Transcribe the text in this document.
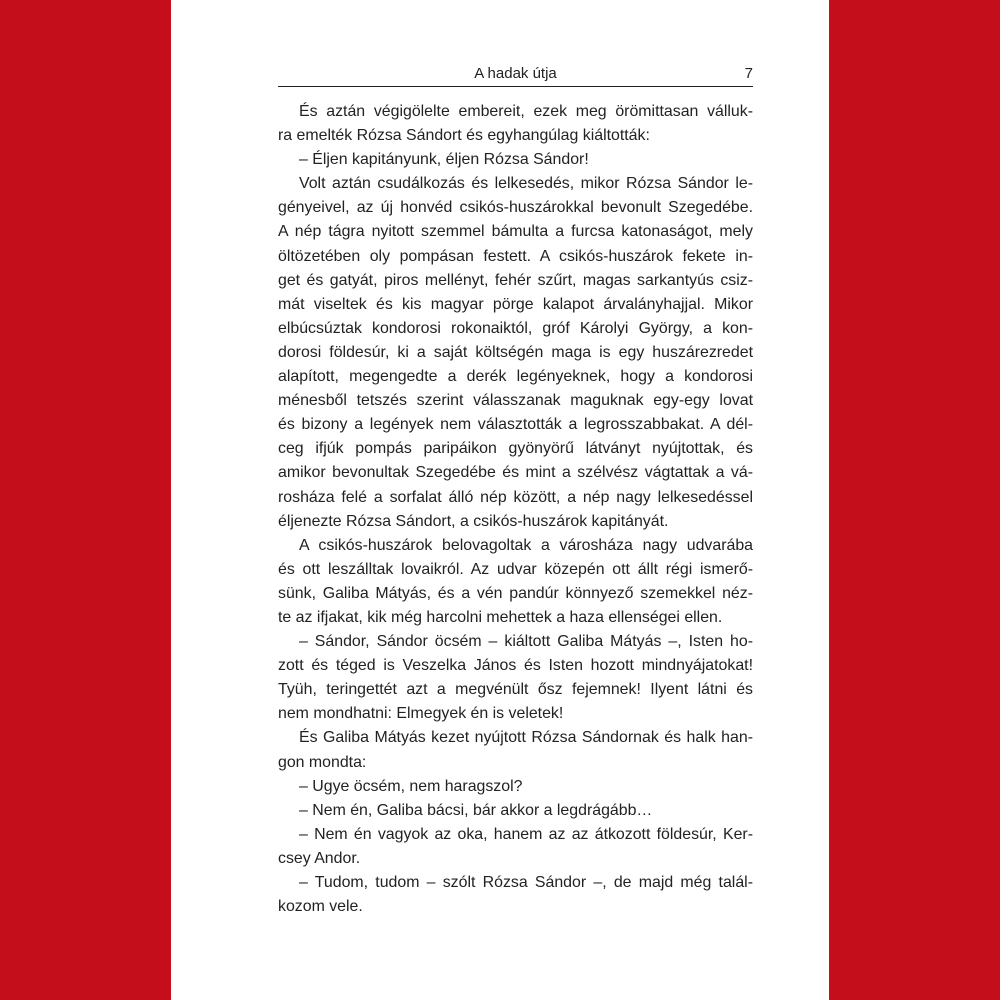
A hadak útja	7
És aztán végigölelte embereit, ezek meg örömittasan válluk-
ra emelték Rózsa Sándort és egyhangúlag kiáltották:
– Éljen kapitányunk, éljen Rózsa Sándor!
Volt aztán csudálkozás és lelkesedés, mikor Rózsa Sándor le-
gényeivel, az új honvéd csikós-huszárokkal bevonult Szegedébe.
A nép tágra nyitott szemmel bámulta a furcsa katonaságot, mely
öltözetében oly pompásan festett. A csikós-huszárok fekete in-
get és gatyát, piros mellényt, fehér szűrt, magas sarkantyús csiz-
mát viseltek és kis magyar pörge kalapot árvalányhajjal. Mikor
elbúcsúztak kondorosi rokonaiktól, gróf Károlyi György, a kon-
dorosi földesúr, ki a saját költségén maga is egy huszárezredet
alapított, megengedte a derék legényeknek, hogy a kondorosi
ménesből tetszés szerint válasszanak maguknak egy-egy lovat
és bizony a legények nem választották a legrosszabbakat. A dél-
ceg ifjúk pompás paripáikon gyönyörű látványt nyújtottak, és
amikor bevonultak Szegedébe és mint a szélvész vágtattak a vá-
rosháza felé a sorfalat álló nép között, a nép nagy lelkesedéssel
éljenezte Rózsa Sándort, a csikós-huszárok kapitányát.
A csikós-huszárok belovagoltak a városháza nagy udvarába
és ott leszálltak lovaikról. Az udvar közepén ott állt régi ismerő-
sünk, Galiba Mátyás, és a vén pandúr könnyező szemekkel néz-
te az ifjakat, kik még harcolni mehettek a haza ellenségei ellen.
– Sándor, Sándor öcsém – kiáltott Galiba Mátyás –, Isten ho-
zott és téged is Veszelka János és Isten hozott mindnyájatokat!
Tyüh, teringettét azt a megvénült ősz fejemnek! Ilyent látni és
nem mondhatni: Elmegyek én is veletek!
És Galiba Mátyás kezet nyújtott Rózsa Sándornak és halk han-
gon mondta:
– Ugye öcsém, nem haragszol?
– Nem én, Galiba bácsi, bár akkor a legdrágább…
– Nem én vagyok az oka, hanem az az átkozott földesúr, Ker-
csey Andor.
– Tudom, tudom – szólt Rózsa Sándor –, de majd még talál-
kozom vele.
